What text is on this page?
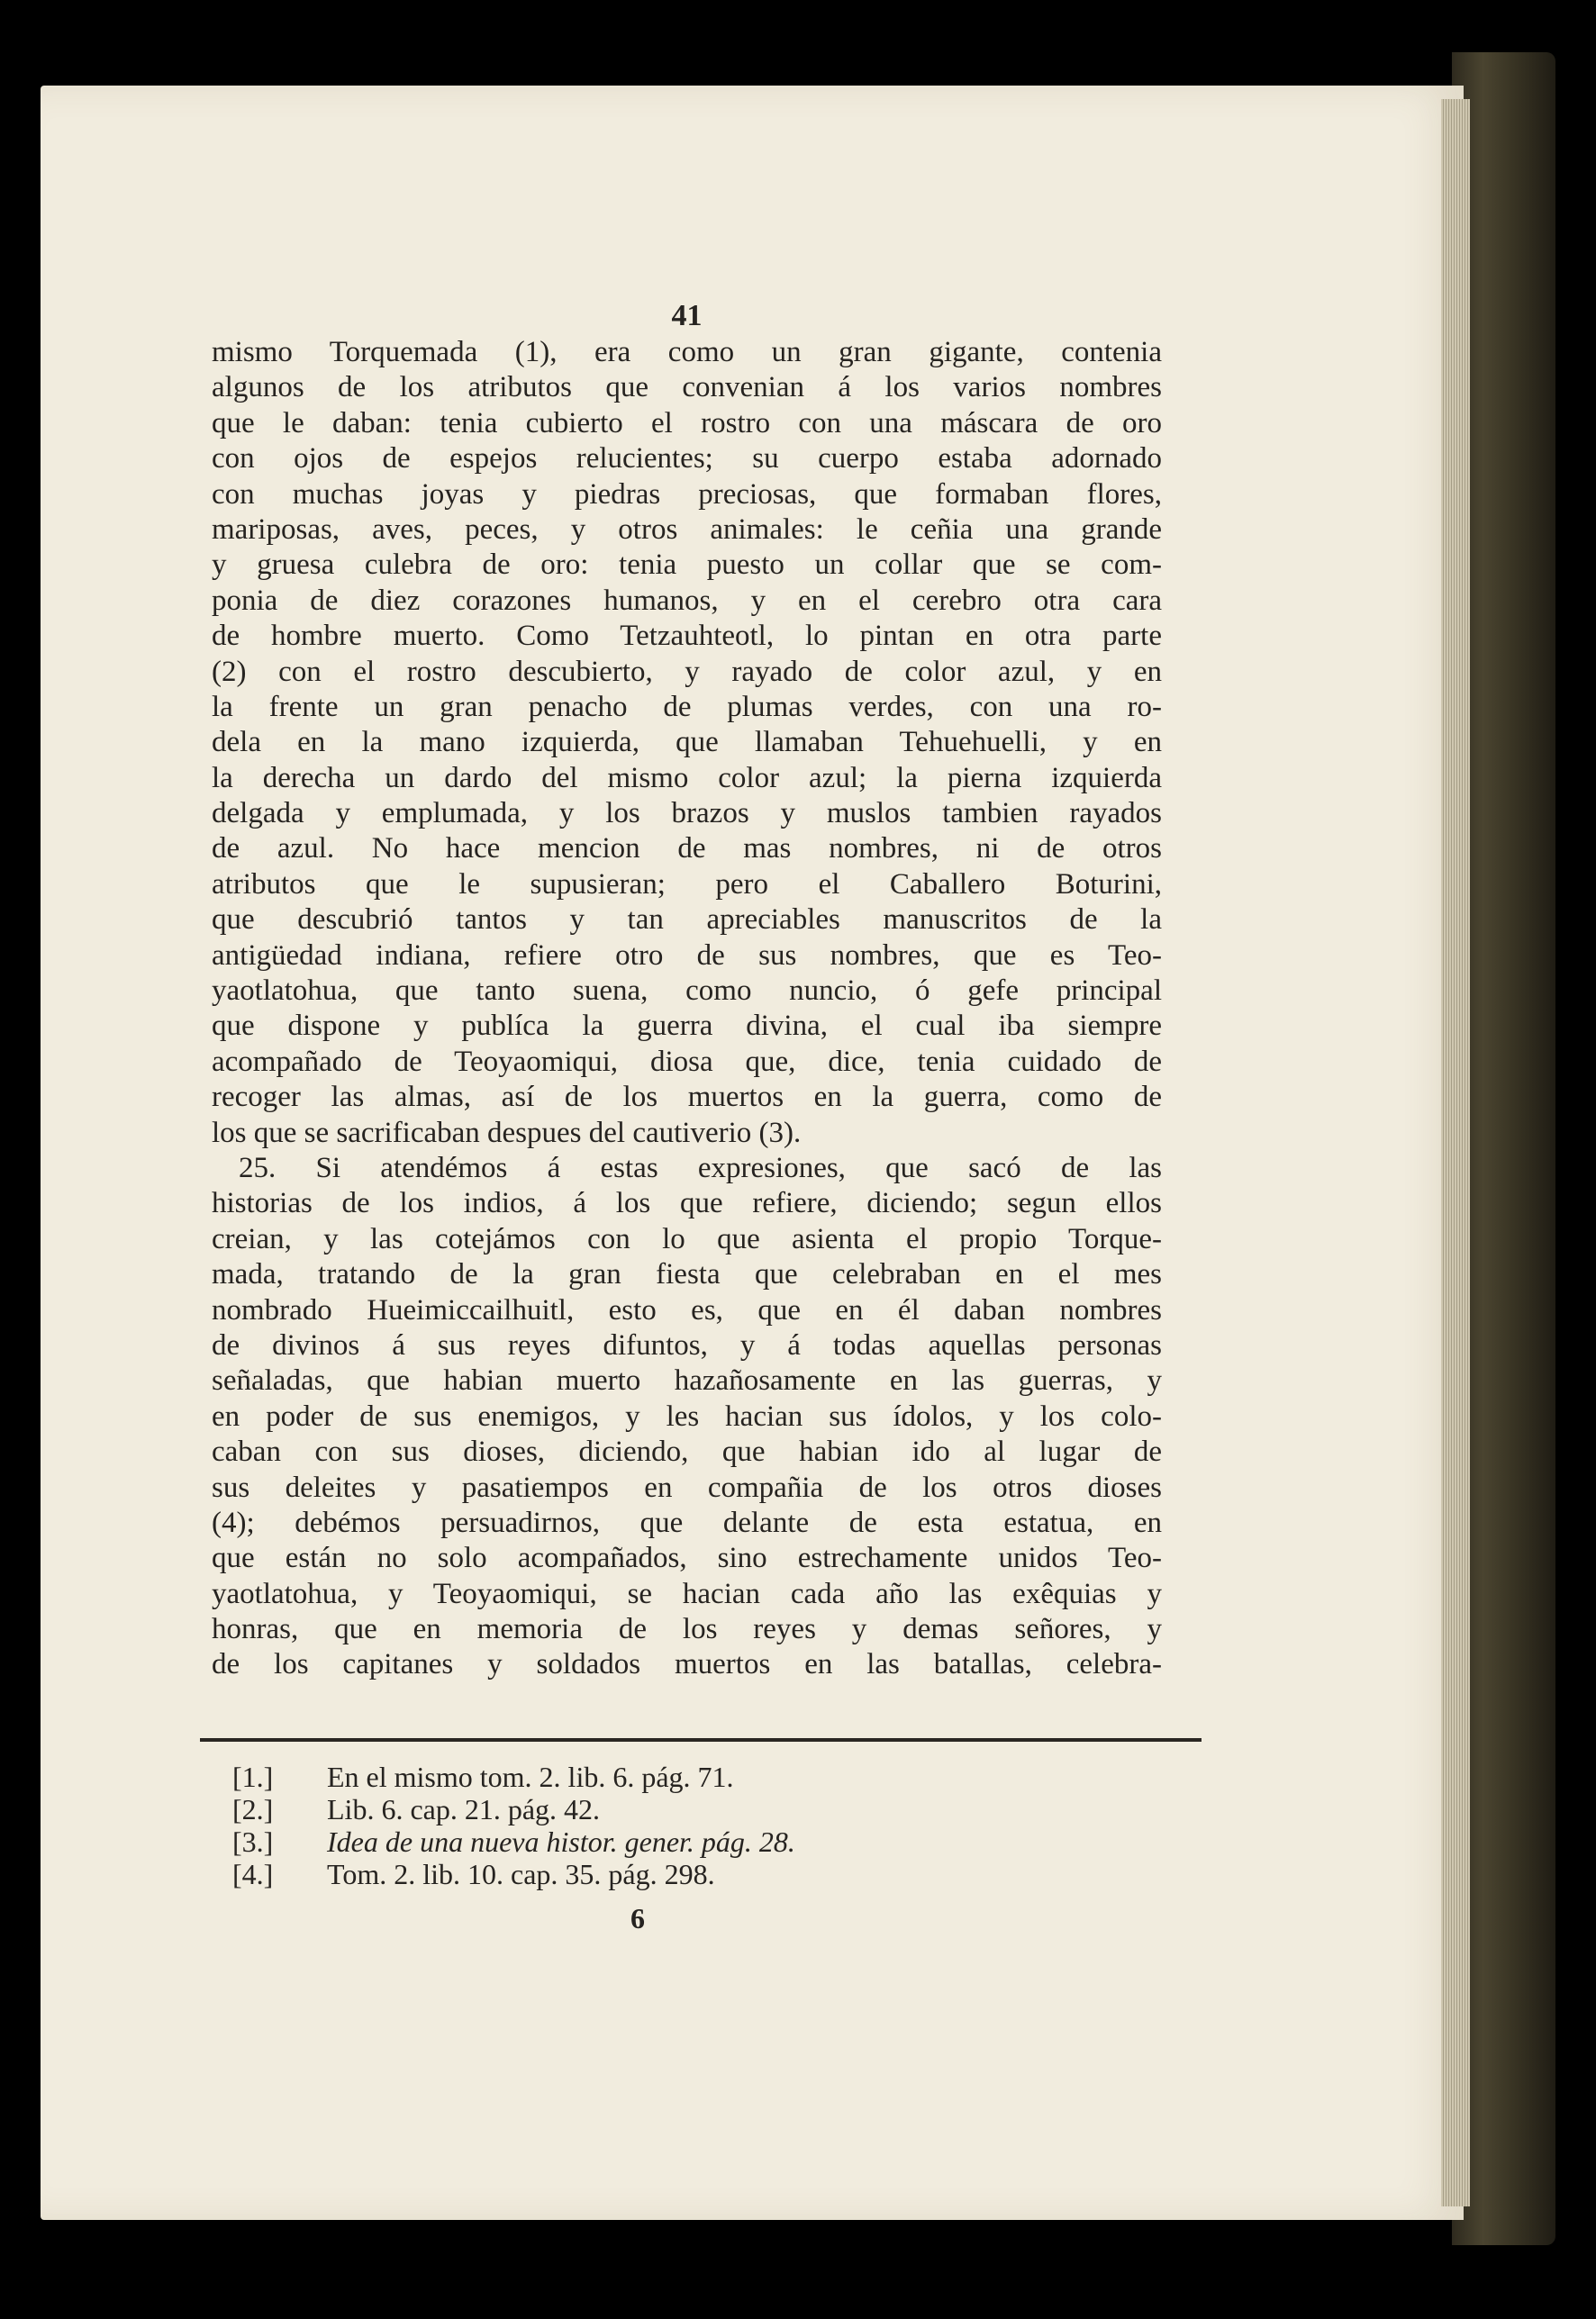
41
mismo Torquemada (1), era como un gran gigante, contenia
algunos de los atributos que convenian á los varios nombres
que le daban: tenia cubierto el rostro con una máscara de oro
con ojos de espejos relucientes; su cuerpo estaba adornado
con muchas joyas y piedras preciosas, que formaban flores,
mariposas, aves, peces, y otros animales: le ceñia una grande
y gruesa culebra de oro: tenia puesto un collar que se com-
ponia de diez corazones humanos, y en el cerebro otra cara
de hombre muerto. Como Tetzauhteotl, lo pintan en otra parte
(2) con el rostro descubierto, y rayado de color azul, y en
la frente un gran penacho de plumas verdes, con una ro-
dela en la mano izquierda, que llamaban Tehuehuelli, y en
la derecha un dardo del mismo color azul; la pierna izquierda
delgada y emplumada, y los brazos y muslos tambien rayados
de azul. No hace mencion de mas nombres, ni de otros
atributos que le supusieran; pero el Caballero Boturini,
que descubrió tantos y tan apreciables manuscritos de la
antigüedad indiana, refiere otro de sus nombres, que es Teo-
yaotlatohua, que tanto suena, como nuncio, ó gefe principal
que dispone y publíca la guerra divina, el cual iba siempre
acompañado de Teoyaomiqui, diosa que, dice, tenia cuidado de
recoger las almas, así de los muertos en la guerra, como de
los que se sacrificaban despues del cautiverio (3).
25. Si atendémos á estas expresiones, que sacó de las
historias de los indios, á los que refiere, diciendo; segun ellos
creian, y las cotejámos con lo que asienta el propio Torque-
mada, tratando de la gran fiesta que celebraban en el mes
nombrado Hueimiccailhuitl, esto es, que en él daban nombres
de divinos á sus reyes difuntos, y á todas aquellas personas
señaladas, que habian muerto hazañosamente en las guerras, y
en poder de sus enemigos, y les hacian sus ídolos, y los colo-
caban con sus dioses, diciendo, que habian ido al lugar de
sus deleites y pasatiempos en compañia de los otros dioses
(4); debémos persuadirnos, que delante de esta estatua, en
que están no solo acompañados, sino estrechamente unidos Teo-
yaotlatohua, y Teoyaomiqui, se hacian cada año las exêquias y
honras, que en memoria de los reyes y demas señores, y
de los capitanes y soldados muertos en las batallas, celebra-
[1.] En el mismo tom. 2. lib. 6. pág. 71.
[2.] Lib. 6. cap. 21. pág. 42.
[3.] Idea de una nueva histor. gener. pág. 28.
[4.] Tom. 2. lib. 10. cap. 35. pág. 298.
6
